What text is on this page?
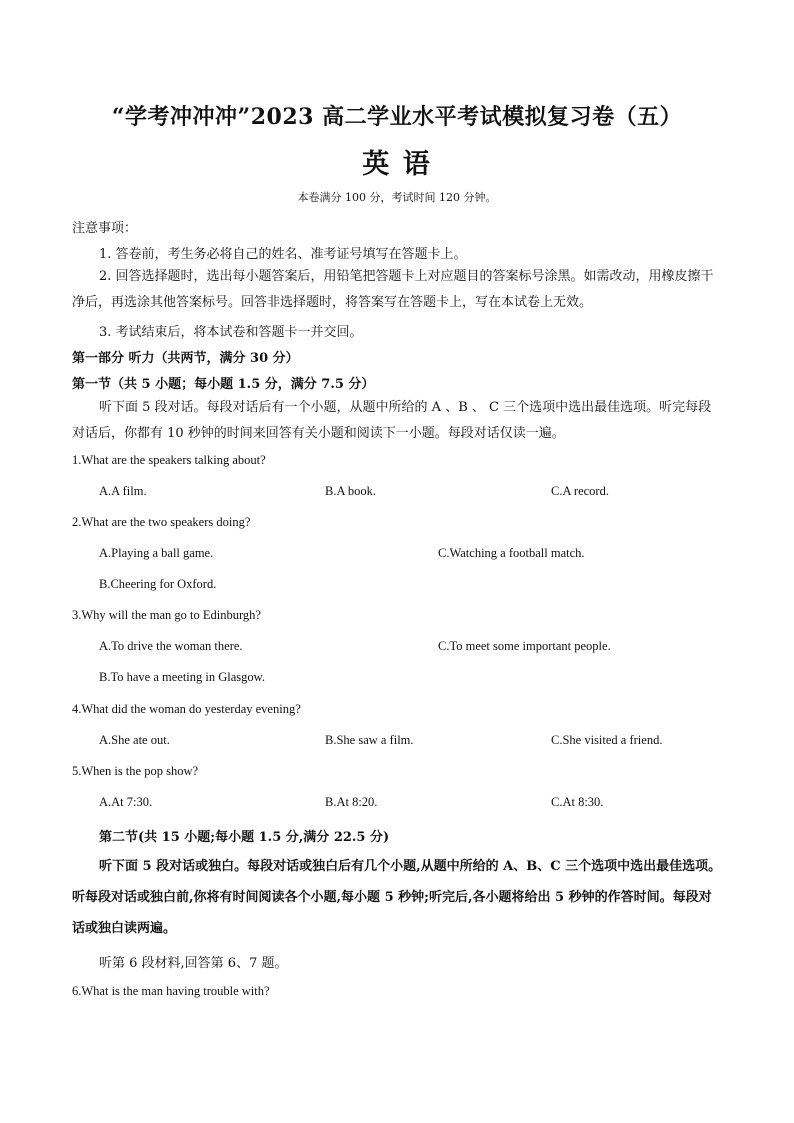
“学考冲冲冲”2023 高二学业水平考试模拟复习卷（五）
英 语
本卷满分 100 分，考试时间 120 分钟。
注意事项：
1. 答卷前，考生务必将自己的姓名、准考证号填写在答题卡上。
2. 回答选择题时，选出每小题答案后，用铅笔把答题卡上对应题目的答案标号涂黑。如需改动，用橡皮擦干净后，再选涂其他答案标号。回答非选择题时，将答案写在答题卡上，写在本试卷上无效。
3. 考试结束后，将本试卷和答题卡一并交回。
第一部分 听力（共两节，满分 30 分）
第一节（共 5 小题；每小题 1.5 分，满分 7.5 分）
听下面 5 段对话。每段对话后有一个小题，从题中所给的 A 、B 、 C 三个选项中选出最佳选项。听完每段对话后，你都有 10 秒钟的时间来回答有关小题和阅读下一小题。每段对话仅读一遍。
1.What are the speakers talking about?
A.A film.	B.A book.	C.A record.
2.What are the two speakers doing?
A.Playing a ball game.	C.Watching a football match.
B.Cheering for Oxford.
3.Why will the man go to Edinburgh?
A.To drive the woman there.	C.To meet some important people.
B.To have a meeting in Glasgow.
4.What did the woman do yesterday evening?
A.She ate out.	B.She saw a film.	C.She visited a friend.
5.When is the pop show?
A.At 7:30.	B.At 8:20.	C.At 8:30.
第二节(共 15 小题;每小题 1.5 分,满分 22.5 分)
听下面 5 段对话或独白。每段对话或独白后有几个小题,从题中所给的 A、B、C 三个选项中选出最佳选项。听每段对话或独白前,你将有时间阅读各个小题,每小题 5 秒钟;听完后,各小题将给出 5 秒钟的作答时间。每段对话或独白读两遍。
听第 6 段材料,回答第 6、7 题。
6.What is the man having trouble with?
